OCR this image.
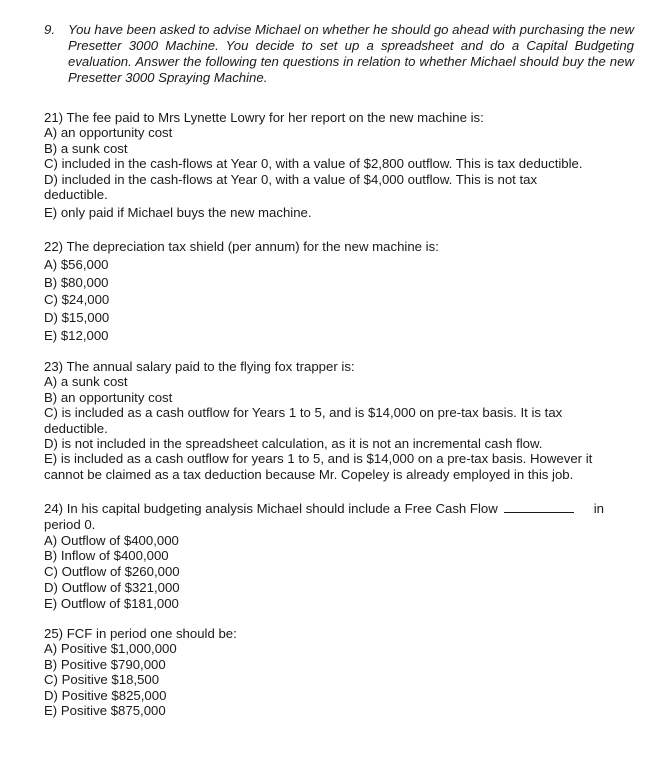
9. You have been asked to advise Michael on whether he should go ahead with purchasing the new Presetter 3000 Machine. You decide to set up a spreadsheet and do a Capital Budgeting evaluation. Answer the following ten questions in relation to whether Michael should buy the new Presetter 3000 Spraying Machine.
21) The fee paid to Mrs Lynette Lowry for her report on the new machine is:
A) an opportunity cost
B) a sunk cost
C) included in the cash-flows at Year 0, with a value of $2,800 outflow. This is tax deductible.
D) included in the cash-flows at Year 0, with a value of $4,000 outflow. This is not tax deductible.
E) only paid if Michael buys the new machine.
22) The depreciation tax shield (per annum) for the new machine is:
A) $56,000
B) $80,000
C) $24,000
D) $15,000
E) $12,000
23) The annual salary paid to the flying fox trapper is:
A) a sunk cost
B) an opportunity cost
C) is included as a cash outflow for Years 1 to 5, and is $14,000 on pre-tax basis. It is tax deductible.
D) is not included in the spreadsheet calculation, as it is not an incremental cash flow.
E) is included as a cash outflow for years 1 to 5, and is $14,000 on a pre-tax basis. However it cannot be claimed as a tax deduction because Mr. Copeley is already employed in this job.
24) In his capital budgeting analysis Michael should include a Free Cash Flow	in
period 0.
A) Outflow of $400,000
B) Inflow of $400,000
C) Outflow of $260,000
D) Outflow of $321,000
E) Outflow of $181,000
25) FCF in period one should be:
A) Positive $1,000,000
B) Positive $790,000
C) Positive $18,500
D) Positive $825,000
E) Positive $875,000
